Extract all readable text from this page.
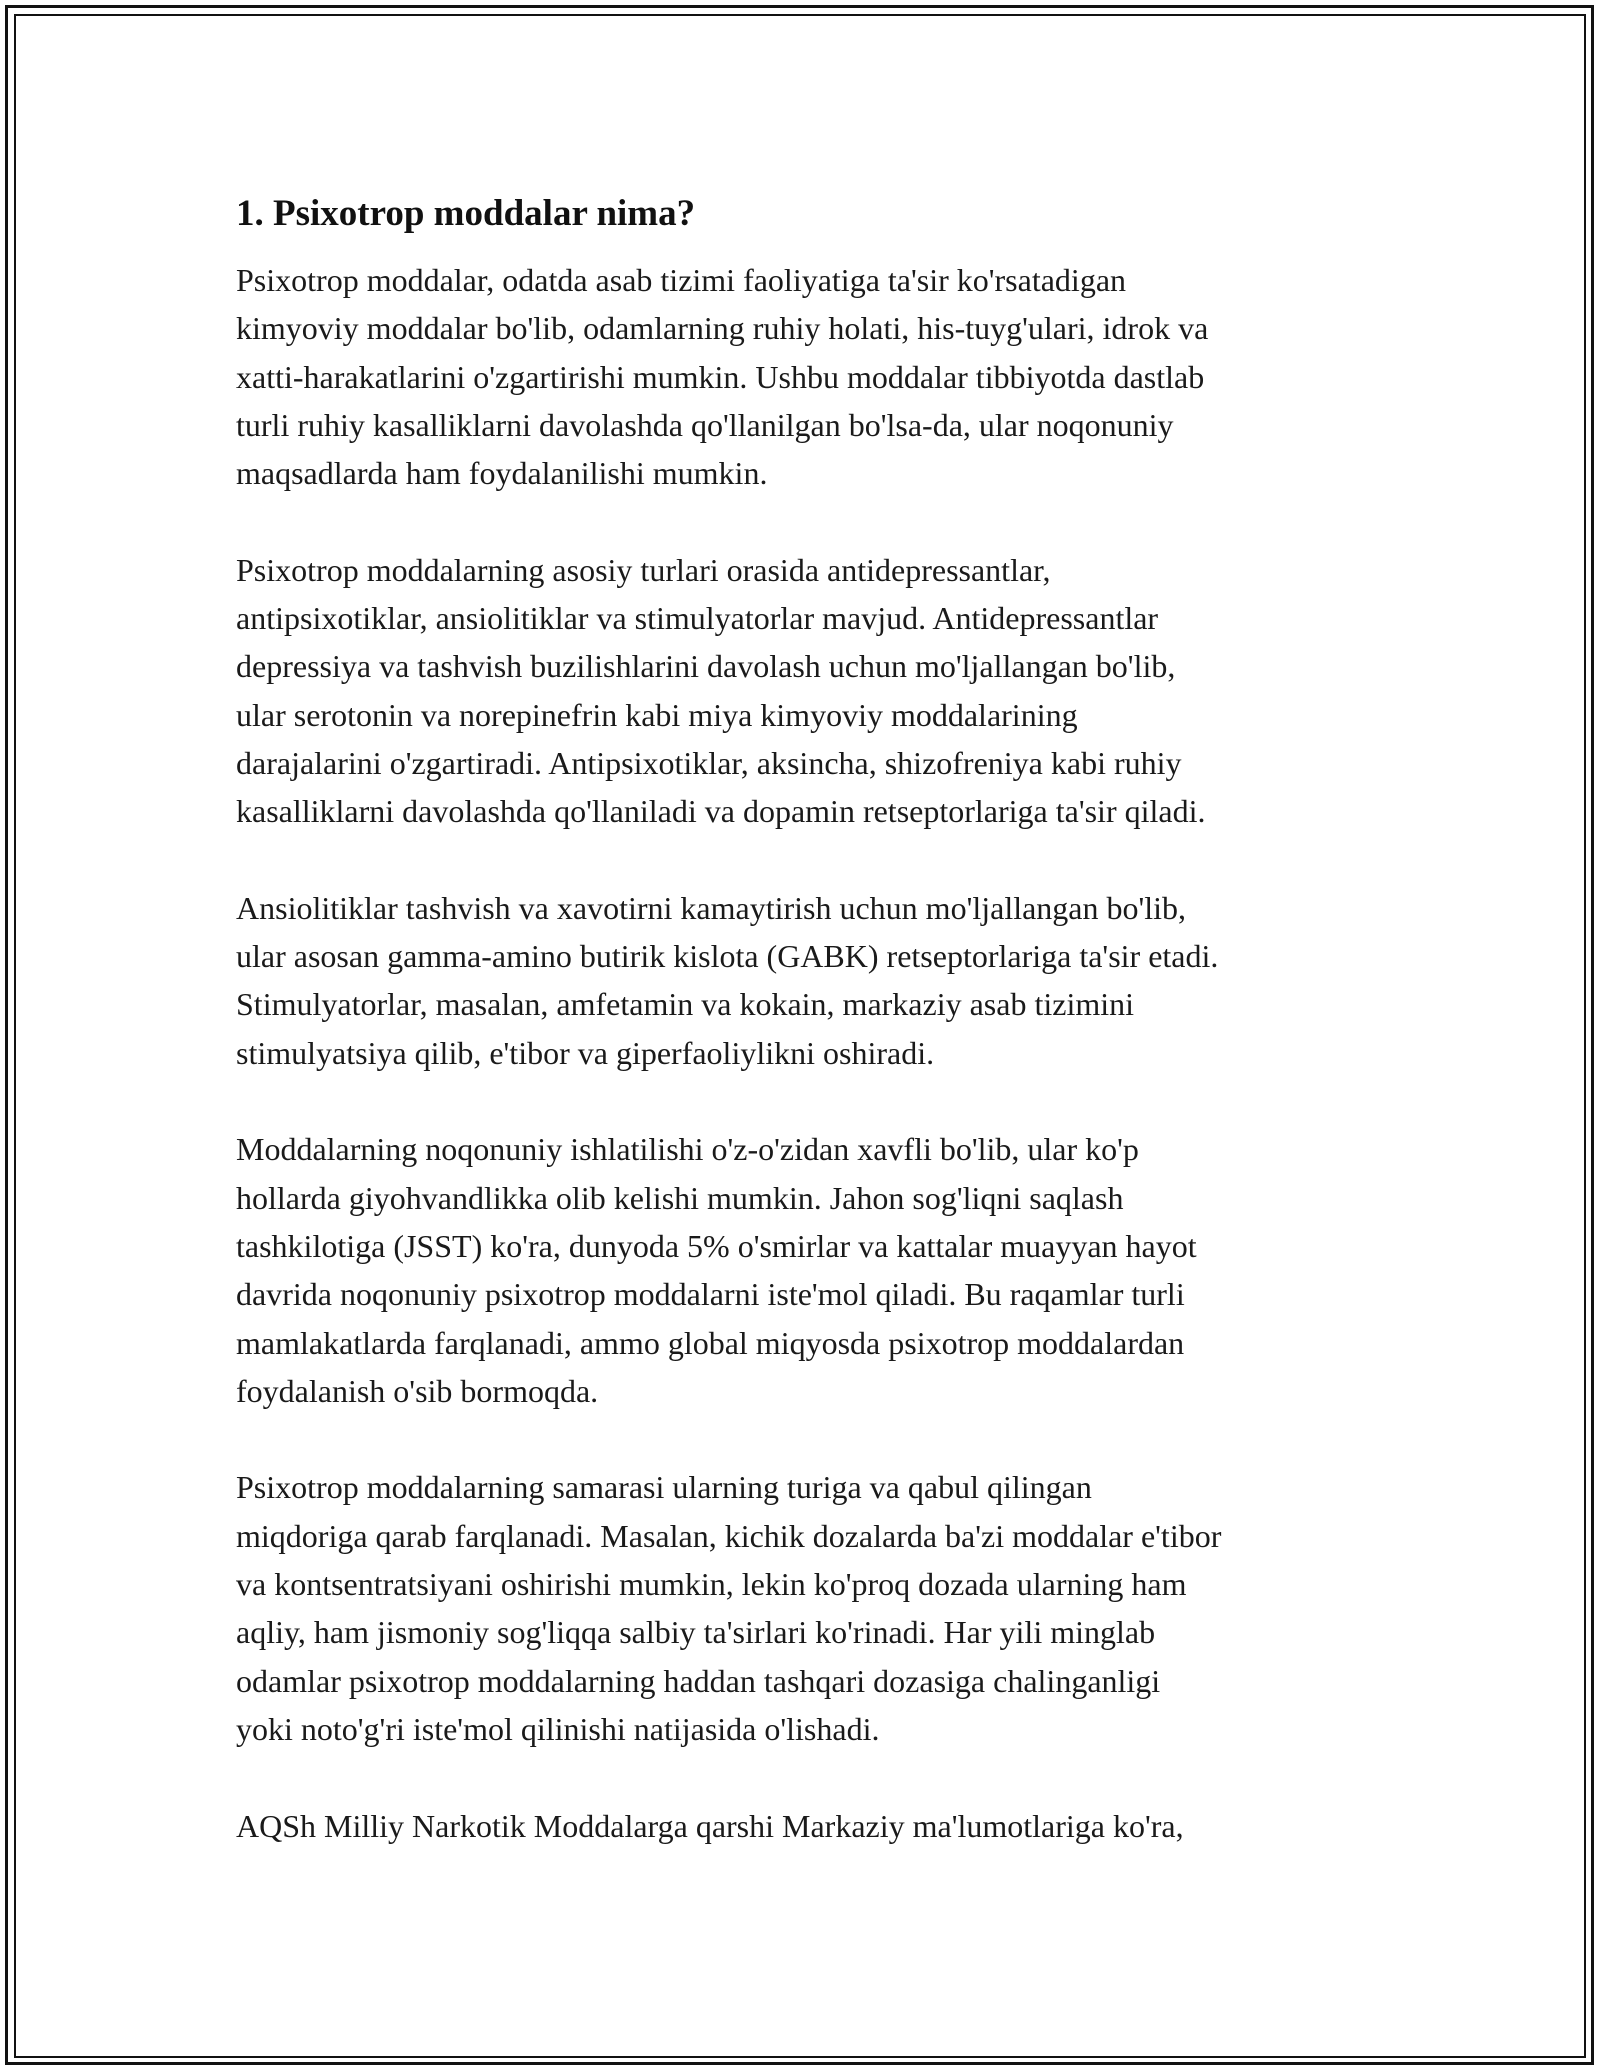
1. Psixotrop moddalar nima?

Psixotrop moddalar, odatda asab tizimi faoliyatiga ta'sir ko'rsatadigan
kimyoviy moddalar bo'lib, odamlarning ruhiy holati, his-tuyg'ulari, idrok va
xatti-harakatlarini o'zgartirishi mumkin. Ushbu moddalar tibbiyotda dastlab
turli ruhiy kasalliklarni davolashda qo'llanilgan bo'lsa-da, ular noqonuniy
maqsadlarda ham foydalanilishi mumkin.

Psixotrop moddalarning asosiy turlari orasida antidepressantlar,
antipsixotiklar, ansiolitiklar va stimulyatorlar mavjud. Antidepressantlar
depressiya va tashvish buzilishlarini davolash uchun mo'ljallangan bo'lib,
ular serotonin va norepinefrin kabi miya kimyoviy moddalarining
darajalarini o'zgartiradi. Antipsixotiklar, aksincha, shizofreniya kabi ruhiy
kasalliklarni davolashda qo'llaniladi va dopamin retseptorlariga ta'sir qiladi.

Ansiolitiklar tashvish va xavotirni kamaytirish uchun mo'ljallangan bo'lib,
ular asosan gamma-amino butirik kislota (GABK) retseptorlariga ta'sir etadi.
Stimulyatorlar, masalan, amfetamin va kokain, markaziy asab tizimini
stimulyatsiya qilib, e'tibor va giperfaoliylikni oshiradi.

Moddalarning noqonuniy ishlatilishi o'z-o'zidan xavfli bo'lib, ular ko'p
hollarda giyohvandlikka olib kelishi mumkin. Jahon sog'liqni saqlash
tashkilotiga (JSST) ko'ra, dunyoda 5% o'smirlar va kattalar muayyan hayot
davrida noqonuniy psixotrop moddalarni iste'mol qiladi. Bu raqamlar turli
mamlakatlarda farqlanadi, ammo global miqyosda psixotrop moddalardan
foydalanish o'sib bormoqda.

Psixotrop moddalarning samarasi ularning turiga va qabul qilingan
miqdoriga qarab farqlanadi. Masalan, kichik dozalarda ba'zi moddalar e'tibor
va kontsentratsiyani oshirishi mumkin, lekin ko'proq dozada ularning ham
aqliy, ham jismoniy sog'liqqa salbiy ta'sirlari ko'rinadi. Har yili minglab
odamlar psixotrop moddalarning haddan tashqari dozasiga chalinganligi
yoki noto'g'ri iste'mol qilinishi natijasida o'lishadi.

AQSh Milliy Narkotik Moddalarga qarshi Markaziy ma'lumotlariga ko'ra,
